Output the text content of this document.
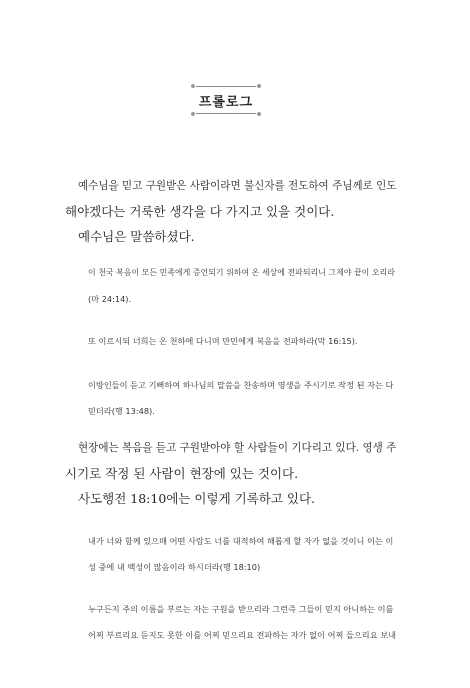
프롤로그

예수님을 믿고 구원받은 사람이라면 불신자를 전도하여 주님께로 인도
해야겠다는 거룩한 생각을 다 가지고 있을 것이다.
예수님은 말씀하셨다.

이 천국 복음이 모든 민족에게 증언되기 위하여 온 세상에 전파되리니 그제야 끝이 오리라
(마 24:14).

또 이르시되 너희는 온 천하에 다니며 만민에게 복음을 전파하라(막 16:15).

이방인들이 듣고 기뻐하여 하나님의 말씀을 찬송하며 영생을 주시기로 작정 된 자는 다
믿더라(행 13:48).

현장에는 복음을 듣고 구원받아야 할 사람들이 기다리고 있다. 영생 주
시기로 작정 된 사람이 현장에 있는 것이다.
사도행전 18:10에는 이렇게 기록하고 있다.

내가 너와 함께 있으매 어떤 사람도 너를 대적하여 해롭게 할 자가 없을 것이니 이는 이
성 중에 내 백성이 많음이라 하시더라(행 18:10)

누구든지 주의 이름을 부르는 자는 구원을 받으리라 그런즉 그들이 믿지 아니하는 이를
어찌 부르리요 듣지도 못한 이를 어찌 믿으리요 전파하는 자가 없이 어찌 들으리요 보내
